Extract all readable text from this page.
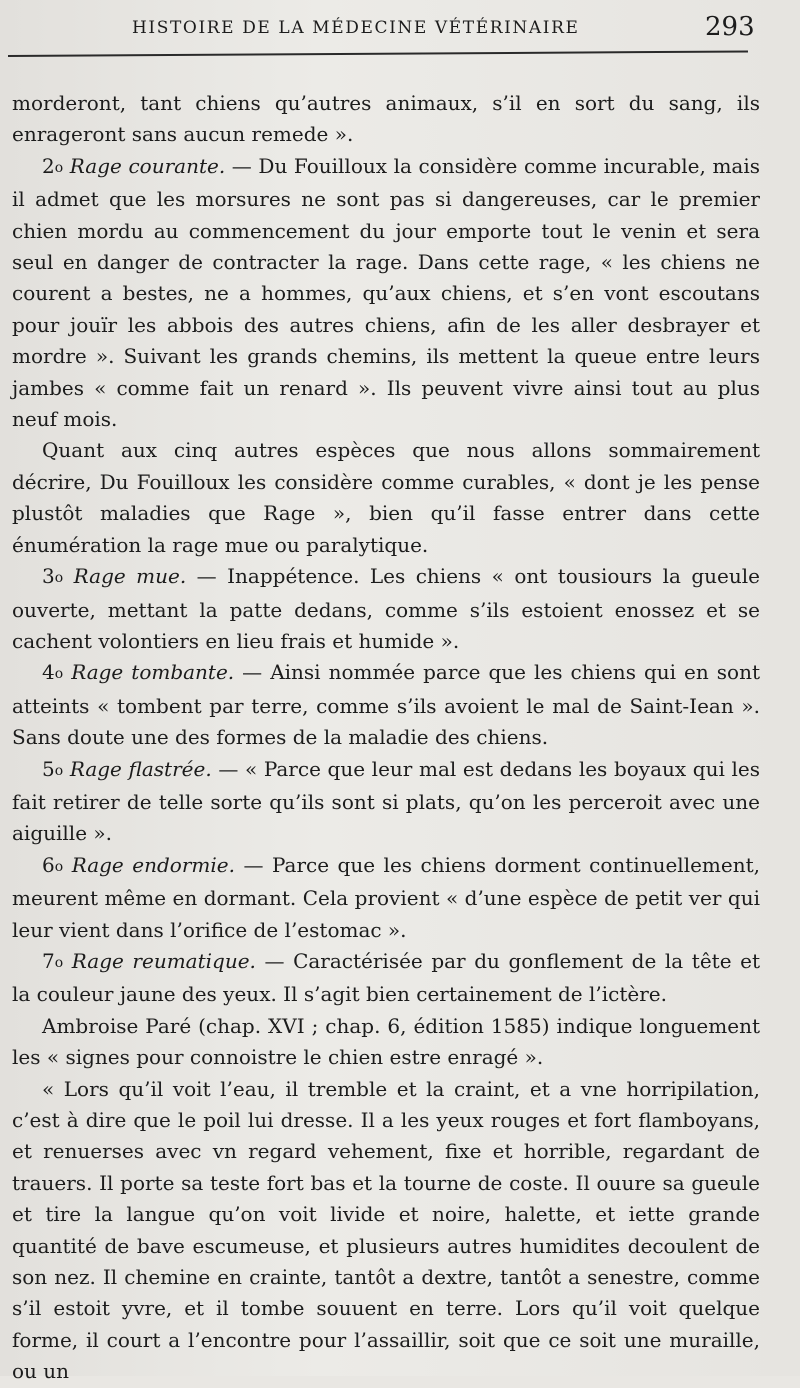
HISTOIRE DE LA MÉDECINE VÉTÉRINAIRE	293

morderont, tant chiens qu’autres animaux, s’il en sort du sang, ils enrageront sans aucun remede ».

2o Rage courante. — Du Fouilloux la considère comme incurable, mais il admet que les morsures ne sont pas si dangereuses, car le premier chien mordu au commencement du jour emporte tout le venin et sera seul en danger de contracter la rage. Dans cette rage, « les chiens ne courent a bestes, ne a hommes, qu’aux chiens, et s’en vont escoutans pour jouïr les abbois des autres chiens, afin de les aller desbrayer et mordre ». Suivant les grands chemins, ils mettent la queue entre leurs jambes « comme fait un renard ». Ils peuvent vivre ainsi tout au plus neuf mois.

Quant aux cinq autres espèces que nous allons sommairement décrire, Du Fouilloux les considère comme curables, « dont je les pense plustôt maladies que Rage », bien qu’il fasse entrer dans cette énumération la rage mue ou paralytique.

3o Rage mue. — Inappétence. Les chiens « ont tousiours la gueule ouverte, mettant la patte dedans, comme s’ils estoient enossez et se cachent volontiers en lieu frais et humide ».

4o Rage tombante. — Ainsi nommée parce que les chiens qui en sont atteints « tombent par terre, comme s’ils avoient le mal de Saint-Iean ». Sans doute une des formes de la maladie des chiens.

5o Rage flastrée. — « Parce que leur mal est dedans les boyaux qui les fait retirer de telle sorte qu’ils sont si plats, qu’on les perceroit avec une aiguille ».

6o Rage endormie. — Parce que les chiens dorment continuellement, meurent même en dormant. Cela provient « d’une espèce de petit ver qui leur vient dans l’orifice de l’estomac ».

7o Rage reumatique. — Caractérisée par du gonflement de la tête et la couleur jaune des yeux. Il s’agit bien certainement de l’ictère.

Ambroise Paré (chap. XVI ; chap. 6, édition 1585) indique longuement les « signes pour connoistre le chien estre enragé ».

« Lors qu’il voit l’eau, il tremble et la craint, et a vne horripilation, c’est à dire que le poil lui dresse. Il a les yeux rouges et fort flamboyans, et renuerses avec vn regard vehement, fixe et horrible, regardant de trauers. Il porte sa teste fort bas et la tourne de coste. Il ouure sa gueule et tire la langue qu’on voit livide et noire, halette, et iette grande quantité de bave escumeuse, et plusieurs autres humidites decoulent de son nez. Il chemine en crainte, tantôt a dextre, tantôt a senestre, comme s’il estoit yvre, et il tombe souuent en terre. Lors qu’il voit quelque forme, il court a l’encontre pour l’assaillir, soit que ce soit une muraille, ou un
